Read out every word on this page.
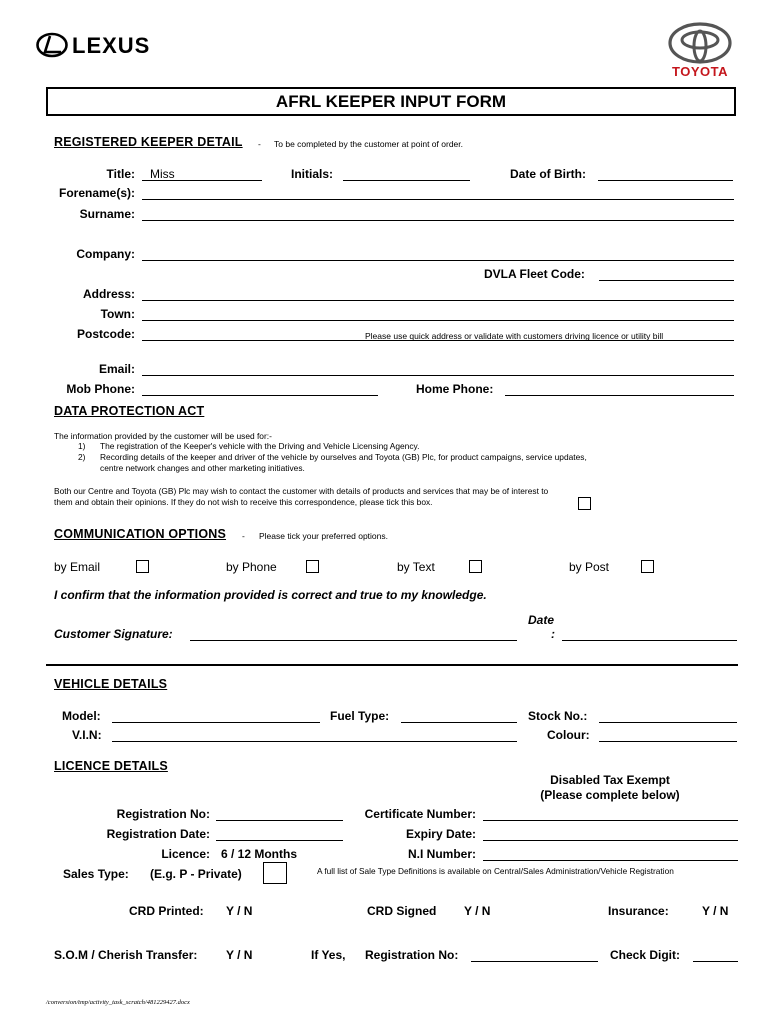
LEXUS
TOYOTA
AFRL KEEPER INPUT FORM
REGISTERED KEEPER DETAIL - To be completed by the customer at point of order.
Title: Miss	Initials:	Date of Birth:
Forename(s):
Surname:
Company:
DVLA Fleet Code:
Address:
Town:
Postcode:	Please use quick address or validate with customers driving licence or utility bill
Email:
Mob Phone:	Home Phone:
DATA PROTECTION ACT
The information provided by the customer will be used for:-
1) The registration of the Keeper's vehicle with the Driving and Vehicle Licensing Agency.
2) Recording details of the keeper and driver of the vehicle by ourselves and Toyota (GB) Plc, for product campaigns, service updates,
centre network changes and other marketing initiatives.
Both our Centre and Toyota (GB) Plc may wish to contact the customer with details of products and services that may be of interest to
them and obtain their opinions. If they do not wish to receive this correspondence, please tick this box.
COMMUNICATION OPTIONS - Please tick your preferred options.
by Email	by Phone	by Text	by Post
I confirm that the information provided is correct and true to my knowledge.
Customer Signature:
Date
:
VEHICLE DETAILS
Model:	Fuel Type:	Stock No.:
V.I.N:	Colour:
LICENCE DETAILS
Disabled Tax Exempt
(Please complete below)
Registration No:	Certificate Number:
Registration Date:	Expiry Date:
Licence: 6 / 12 Months	N.I Number:
Sales Type: (E.g. P - Private)	A full list of Sale Type Definitions is available on Central/Sales Administration/Vehicle Registration
CRD Printed: Y / N	CRD Signed Y / N	Insurance:	Y / N
S.O.M / Cherish Transfer: Y / N	If Yes, Registration No:	Check Digit:
/conversion/tmp/activity_task_scratch/481229427.docx
